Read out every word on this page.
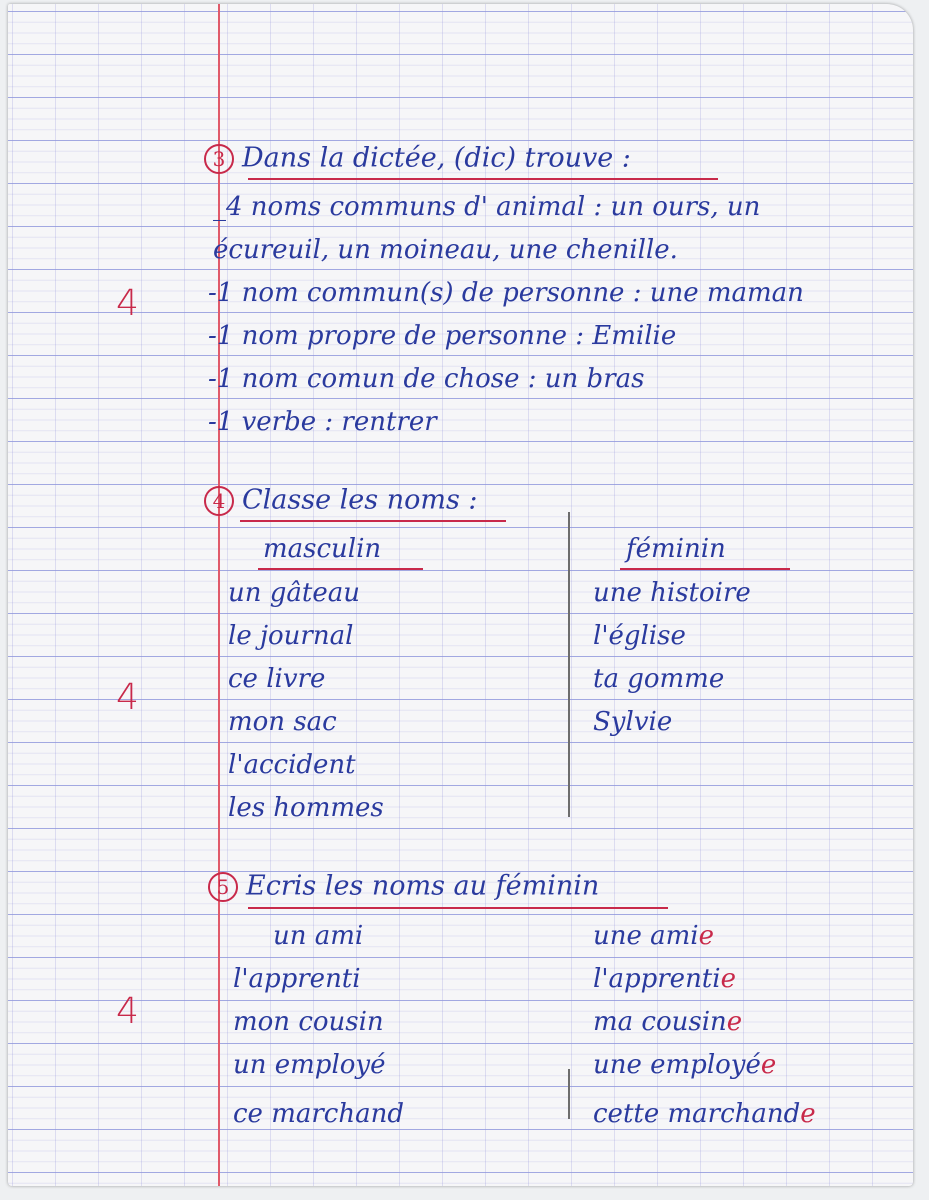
4
4
4
3 Dans la dictée, (dic) trouve :
_4 noms communs d' animal : un ours, un
écureuil, un moineau, une chenille.
-1 nom commun(s) de personne : une maman
-1 nom propre de personne : Emilie
-1 nom comun de chose : un bras
-1 verbe : rentrer
4 Classe les noms :
masculin	féminin
un gâteau
le journal
ce livre
mon sac
l'accident
les hommes
une histoire
l'église
ta gomme
Sylvie
5 Ecris les noms au féminin
un ami
l'apprenti
mon cousin
un employé
ce marchand
une amie
l'apprentie
ma cousine
une employée
cette marchande
